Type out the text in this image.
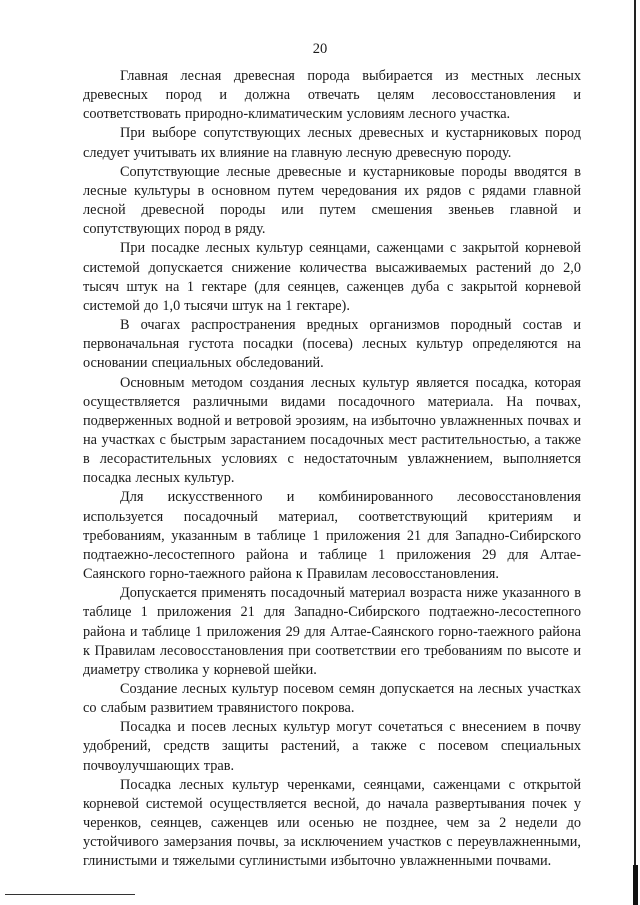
20

Главная лесная древесная порода выбирается из местных лесных древесных пород и должна отвечать целям лесовосстановления и соответствовать природно-климатическим условиям лесного участка.

При выборе сопутствующих лесных древесных и кустарниковых пород следует учитывать их влияние на главную лесную древесную породу.

Сопутствующие лесные древесные и кустарниковые породы вводятся в лесные культуры в основном путем чередования их рядов с рядами главной лесной древесной породы или путем смешения звеньев главной и сопутствующих пород в ряду.

При посадке лесных культур сеянцами, саженцами с закрытой корневой системой допускается снижение количества высаживаемых растений до 2,0 тысяч штук на 1 гектаре (для сеянцев, саженцев дуба с закрытой корневой системой до 1,0 тысячи штук на 1 гектаре).

В очагах распространения вредных организмов породный состав и первоначальная густота посадки (посева) лесных культур определяются на основании специальных обследований.

Основным методом создания лесных культур является посадка, которая осуществляется различными видами посадочного материала. На почвах, подверженных водной и ветровой эрозиям, на избыточно увлажненных почвах и на участках с быстрым зарастанием посадочных мест растительностью, а также в лесорастительных условиях с недостаточным увлажнением, выполняется посадка лесных культур.

Для искусственного и комбинированного лесовосстановления используется посадочный материал, соответствующий критериям и требованиям, указанным в таблице 1 приложения 21 для Западно-Сибирского подтаежно-лесостепного района и таблице 1 приложения 29 для Алтае-Саянского горно-таежного района к Правилам лесовосстановления.

Допускается применять посадочный материал возраста ниже указанного в таблице 1 приложения 21 для Западно-Сибирского подтаежно-лесостепного района и таблице 1 приложения 29 для Алтае-Саянского горно-таежного района к Правилам лесовосстановления при соответствии его требованиям по высоте и диаметру стволика у корневой шейки.

Создание лесных культур посевом семян допускается на лесных участках со слабым развитием травянистого покрова.

Посадка и посев лесных культур могут сочетаться с внесением в почву удобрений, средств защиты растений, а также с посевом специальных почвоулучшающих трав.

Посадка лесных культур черенками, сеянцами, саженцами с открытой корневой системой осуществляется весной, до начала развертывания почек у черенков, сеянцев, саженцев или осенью не позднее, чем за 2 недели до устойчивого замерзания почвы, за исключением участков с переувлажненными, глинистыми и тяжелыми суглинистыми избыточно увлажненными почвами.
